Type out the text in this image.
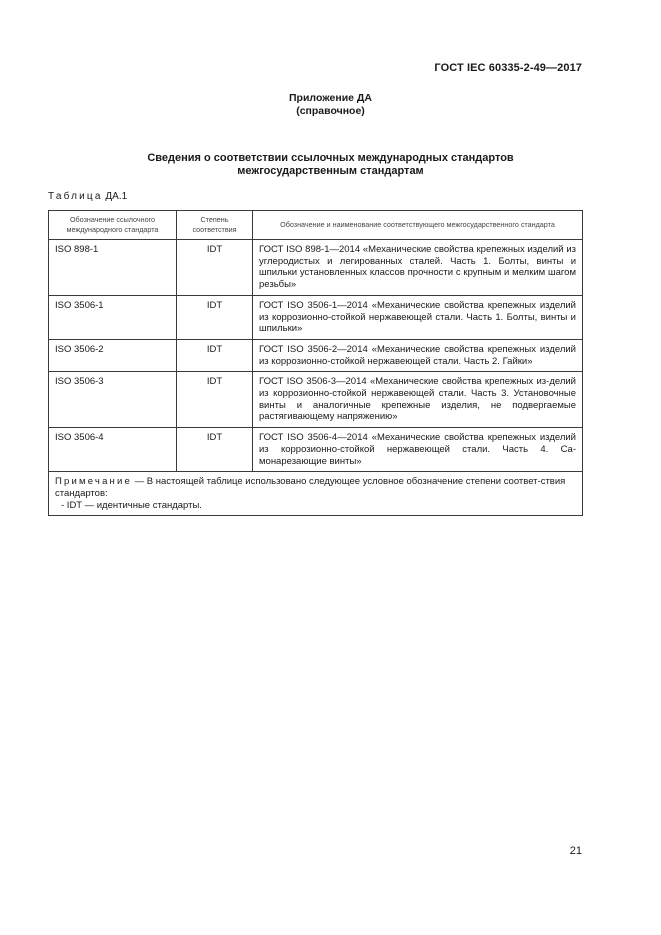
ГОСТ IEC 60335-2-49—2017
Приложение ДА
(справочное)
Сведения о соответствии ссылочных международных стандартов
межгосударственным стандартам
Таблица ДА.1
Обозначение ссылочного международного стандарта	Степень соответствия	Обозначение и наименование соответствующего межгосударственного стандарта
ISO 898-1	IDT	ГОСТ ISO 898-1—2014 «Механические свойства крепежных изделий из углеродистых и легированных сталей. Часть 1. Болты, винты и шпильки установленных классов прочности с крупным и мелким шагом резьбы»
ISO 3506-1	IDT	ГОСТ ISO 3506-1—2014 «Механические свойства крепежных изделий из коррозионно-стойкой нержавеющей стали. Часть 1. Болты, винты и шпильки»
ISO 3506-2	IDT	ГОСТ ISO 3506-2—2014 «Механические свойства крепежных изделий из коррозионно-стойкой нержавеющей стали. Часть 2. Гайки»
ISO 3506-3	IDT	ГОСТ ISO 3506-3—2014 «Механические свойства крепежных из-делий из коррозионно-стойкой нержавеющей стали. Часть 3. Установочные винты и аналогичные крепежные изделия, не подвергаемые растягивающему напряжению»
ISO 3506-4	IDT	ГОСТ ISO 3506-4—2014 «Механические свойства крепежных изделий из коррозионно-стойкой нержавеющей стали. Часть 4. Са-монарезающие винты»

Примечание — В настоящей таблице использовано следующее условное обозначение степени соответ-ствия стандартов:
- IDT — идентичные стандарты.		
21
